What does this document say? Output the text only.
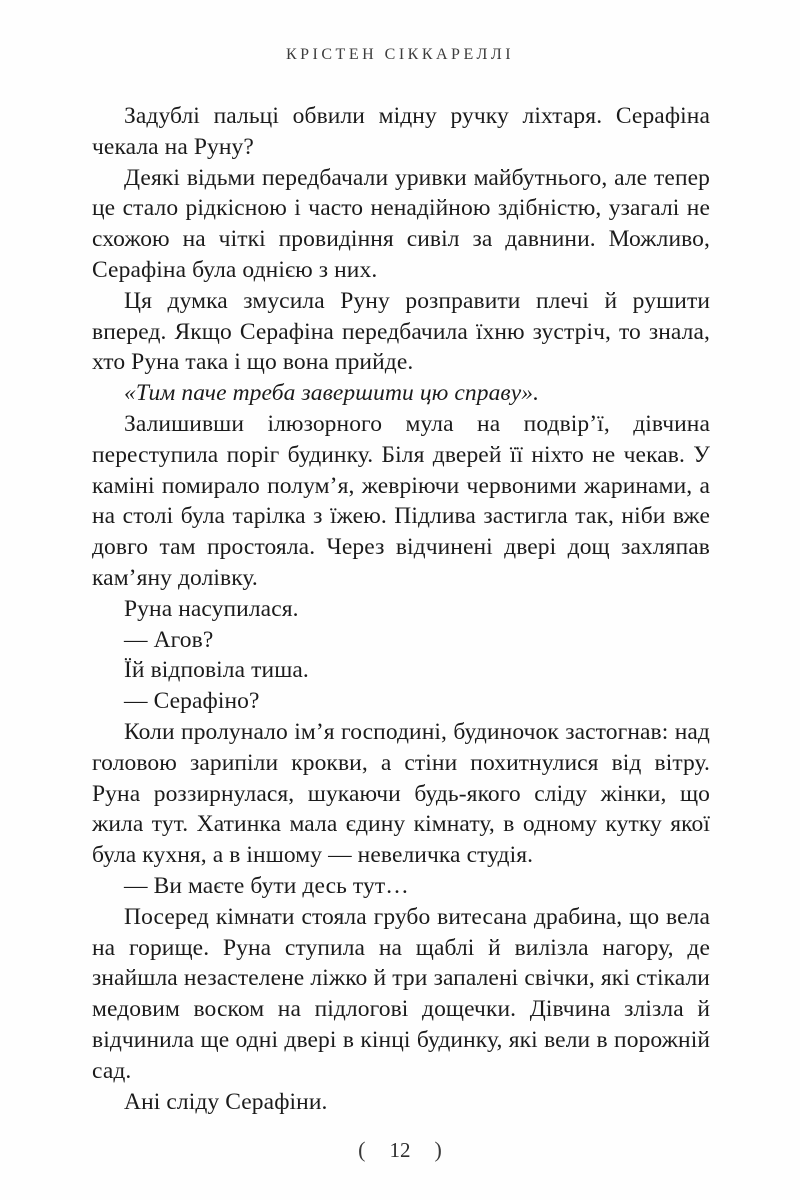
КРІСТЕН СІККАРЕЛЛІ

Задублі пальці обвили мідну ручку ліхтаря. Серафіна чекала на Руну?

Деякі відьми передбачали уривки майбутнього, але тепер це стало рідкісною і часто ненадійною здібністю, узагалі не схожою на чіткі провидіння сивіл за давнини. Можливо, Серафіна була однією з них.

Ця думка змусила Руну розправити плечі й рушити вперед. Якщо Серафіна передбачила їхню зустріч, то знала, хто Руна така і що вона прийде.

«Тим паче треба завершити цю справу».

Залишивши ілюзорного мула на подвір’ї, дівчина переступила поріг будинку. Біля дверей її ніхто не чекав. У каміні помирало полум’я, жевріючи червоними жаринами, а на столі була тарілка з їжею. Підлива застигла так, ніби вже довго там простояла. Через відчинені двері дощ захляпав кам’яну долівку.

Руна насупилася.

— Агов?

Їй відповіла тиша.

— Серафіно?

Коли пролунало ім’я господині, будиночок застогнав: над головою зарипіли крокви, а стіни похитнулися від вітру. Руна роззирнулася, шукаючи будь-якого сліду жінки, що жила тут. Хатинка мала єдину кімнату, в одному кутку якої була кухня, а в іншому — невеличка студія.

— Ви маєте бути десь тут…

Посеред кімнати стояла грубо витесана драбина, що вела на горище. Руна ступила на щаблі й вилізла нагору, де знайшла незастелене ліжко й три запалені свічки, які стікали медовим воском на підлогові дощечки. Дівчина злізла й відчинила ще одні двері в кінці будинку, які вели в порожній сад.

Ані сліду Серафіни.

( 12 )
